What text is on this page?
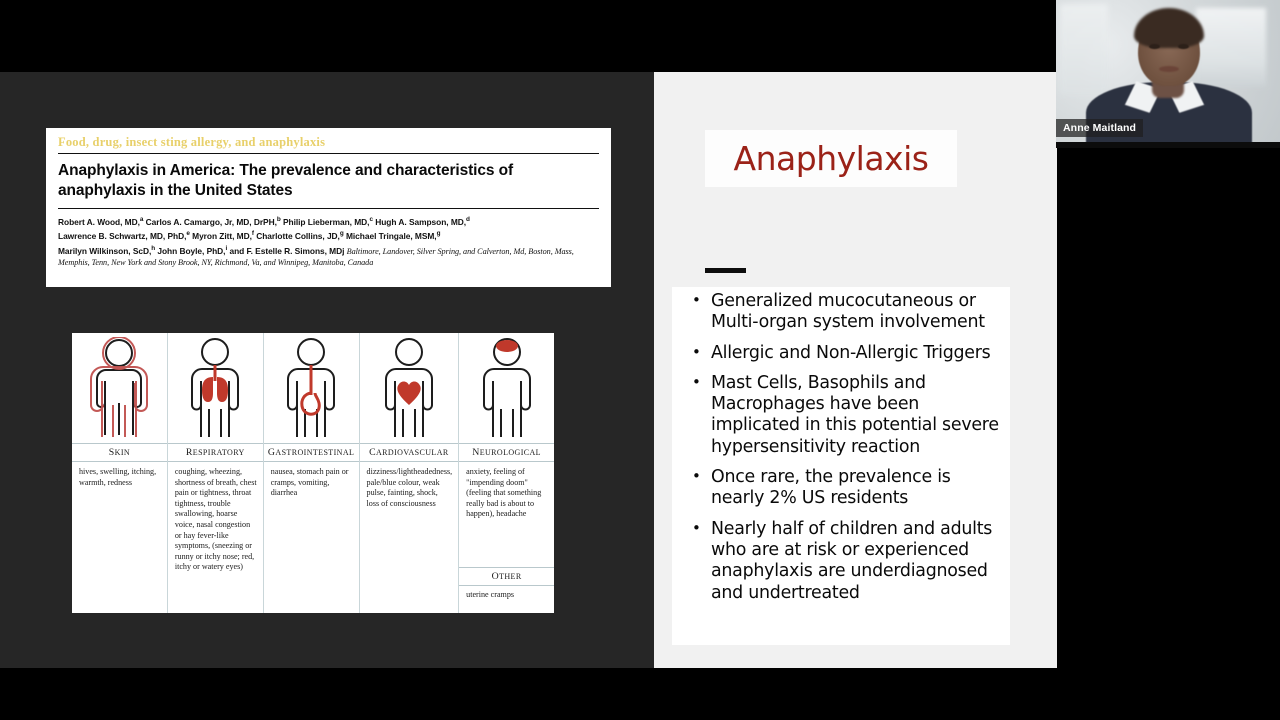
Food, drug, insect sting allergy, and anaphylaxis
Anaphylaxis in America: The prevalence and characteristics of anaphylaxis in the United States
Robert A. Wood, MD,$^a$ Carlos A. Camargo, Jr, MD, DrPH,$^b$ Philip Lieberman, MD,$^c$ Hugh A. Sampson, MD,$^d$
Lawrence B. Schwartz, MD, PhD,$^e$ Myron Zitt, MD,$^f$ Charlotte Collins, JD,$^g$ Michael Tringale, MSM,$^g$
Marilyn Wilkinson, ScD,$^h$ John Boyle, PhD,$^i$ and F. Estelle R. Simons, MDj Baltimore, Landover, Silver Spring, and Calverton, Md, Boston, Mass, Memphis, Tenn, New York and Stony Brook, NY, Richmond, Va, and Winnipeg, Manitoba, Canada
SKIN
hives, swelling, itching, warmth, redness
RESPIRATORY
coughing, wheezing, shortness of breath, chest pain or tightness, throat tightness, trouble swallowing, hoarse voice, nasal congestion or hay fever-like symptoms, (sneezing or runny or itchy nose; red, itchy or watery eyes)
GASTROINTESTINAL
nausea, stomach pain or cramps, vomiting, diarrhea
CARDIOVASCULAR
dizziness/lightheadedness, pale/blue colour, weak pulse, fainting, shock, loss of consciousness
NEUROLOGICAL
anxiety, feeling of "impending doom" (feeling that something really bad is about to happen), headache
OTHER
uterine cramps
Anaphylaxis
• Generalized mucocutaneous or Multi-organ system involvement
• Allergic and Non-Allergic Triggers
• Mast Cells, Basophils and Macrophages have been implicated in this potential severe hypersensitivity reaction
• Once rare, the prevalence is nearly 2% US residents
• Nearly half of children and adults who are at risk or experienced anaphylaxis are underdiagnosed and undertreated
Anne Maitland
